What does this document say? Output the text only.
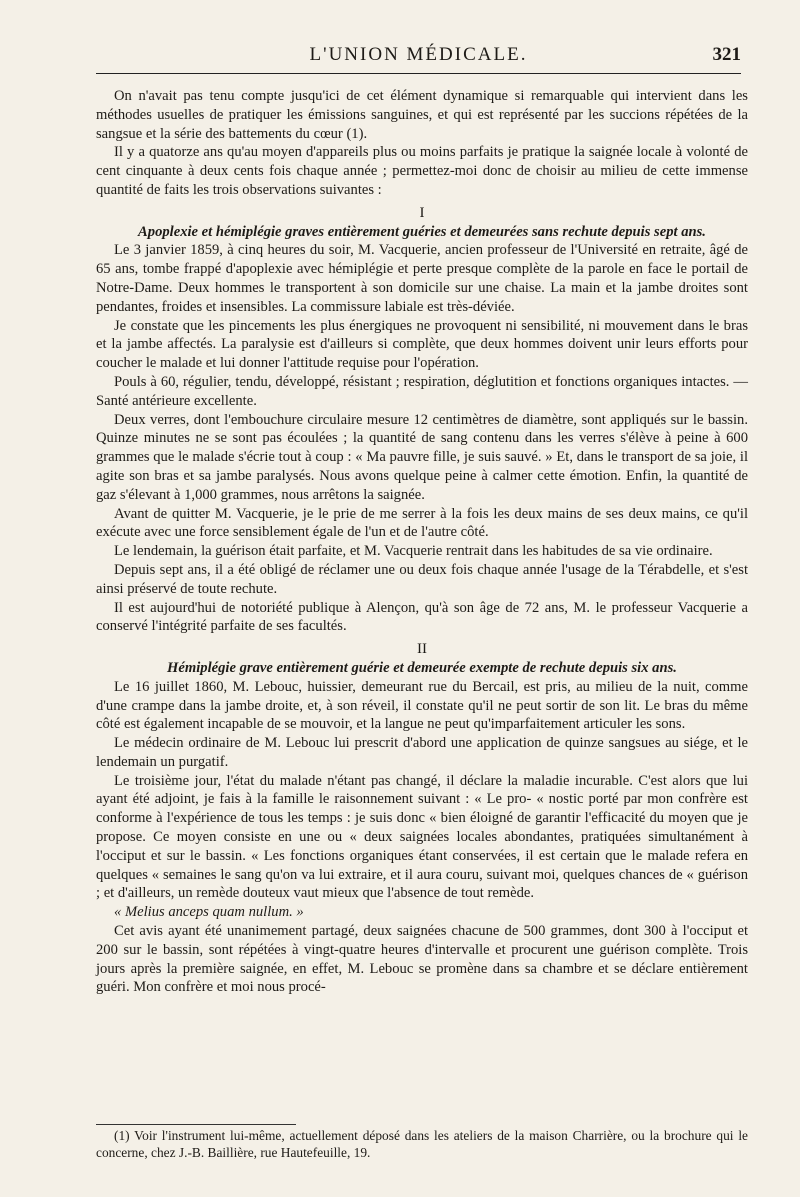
L'UNION MÉDICALE.	321

On n'avait pas tenu compte jusqu'ici de cet élément dynamique si remarquable qui intervient dans les méthodes usuelles de pratiquer les émissions sanguines, et qui est représenté par les succions répétées de la sangsue et la série des battements du cœur (1).

Il y a quatorze ans qu'au moyen d'appareils plus ou moins parfaits je pratique la saignée locale à volonté de cent cinquante à deux cents fois chaque année ; permettez-moi donc de choisir au milieu de cette immense quantité de faits les trois observations suivantes :

I

Apoplexie et hémiplégie graves entièrement guéries et demeurées sans rechute depuis sept ans.

Le 3 janvier 1859, à cinq heures du soir, M. Vacquerie, ancien professeur de l'Université en retraite, âgé de 65 ans, tombe frappé d'apoplexie avec hémiplégie et perte presque complète de la parole en face le portail de Notre-Dame. Deux hommes le transportent à son domicile sur une chaise. La main et la jambe droites sont pendantes, froides et insensibles. La commissure labiale est très-déviée.

Je constate que les pincements les plus énergiques ne provoquent ni sensibilité, ni mouvement dans le bras et la jambe affectés. La paralysie est d'ailleurs si complète, que deux hommes doivent unir leurs efforts pour coucher le malade et lui donner l'attitude requise pour l'opération.

Pouls à 60, régulier, tendu, développé, résistant ; respiration, déglutition et fonctions organiques intactes. — Santé antérieure excellente.

Deux verres, dont l'embouchure circulaire mesure 12 centimètres de diamètre, sont appliqués sur le bassin. Quinze minutes ne se sont pas écoulées ; la quantité de sang contenu dans les verres s'élève à peine à 600 grammes que le malade s'écrie tout à coup : « Ma pauvre fille, je suis sauvé. » Et, dans le transport de sa joie, il agite son bras et sa jambe paralysés. Nous avons quelque peine à calmer cette émotion. Enfin, la quantité de gaz s'élevant à 1,000 grammes, nous arrêtons la saignée.

Avant de quitter M. Vacquerie, je le prie de me serrer à la fois les deux mains de ses deux mains, ce qu'il exécute avec une force sensiblement égale de l'un et de l'autre côté.

Le lendemain, la guérison était parfaite, et M. Vacquerie rentrait dans les habitudes de sa vie ordinaire.

Depuis sept ans, il a été obligé de réclamer une ou deux fois chaque année l'usage de la Térabdelle, et s'est ainsi préservé de toute rechute.

Il est aujourd'hui de notoriété publique à Alençon, qu'à son âge de 72 ans, M. le professeur Vacquerie a conservé l'intégrité parfaite de ses facultés.

II

Hémiplégie grave entièrement guérie et demeurée exempte de rechute depuis six ans.

Le 16 juillet 1860, M. Lebouc, huissier, demeurant rue du Bercail, est pris, au milieu de la nuit, comme d'une crampe dans la jambe droite, et, à son réveil, il constate qu'il ne peut sortir de son lit. Le bras du même côté est également incapable de se mouvoir, et la langue ne peut qu'imparfaitement articuler les sons.

Le médecin ordinaire de M. Lebouc lui prescrit d'abord une application de quinze sangsues au siége, et le lendemain un purgatif.

Le troisième jour, l'état du malade n'étant pas changé, il déclare la maladie incurable. C'est alors que lui ayant été adjoint, je fais à la famille le raisonnement suivant : « Le pro- « nostic porté par mon confrère est conforme à l'expérience de tous les temps : je suis donc « bien éloigné de garantir l'efficacité du moyen que je propose. Ce moyen consiste en une ou « deux saignées locales abondantes, pratiquées simultanément à l'occiput et sur le bassin. « Les fonctions organiques étant conservées, il est certain que le malade refera en quelques « semaines le sang qu'on va lui extraire, et il aura couru, suivant moi, quelques chances de « guérison ; et d'ailleurs, un remède douteux vaut mieux que l'absence de tout remède.

« Melius anceps quam nullum. »

Cet avis ayant été unanimement partagé, deux saignées chacune de 500 grammes, dont 300 à l'occiput et 200 sur le bassin, sont répétées à vingt-quatre heures d'intervalle et procurent une guérison complète. Trois jours après la première saignée, en effet, M. Lebouc se promène dans sa chambre et se déclare entièrement guéri. Mon confrère et moi nous procé-

(1) Voir l'instrument lui-même, actuellement déposé dans les ateliers de la maison Charrière, ou la brochure qui le concerne, chez J.-B. Baillière, rue Hautefeuille, 19.
